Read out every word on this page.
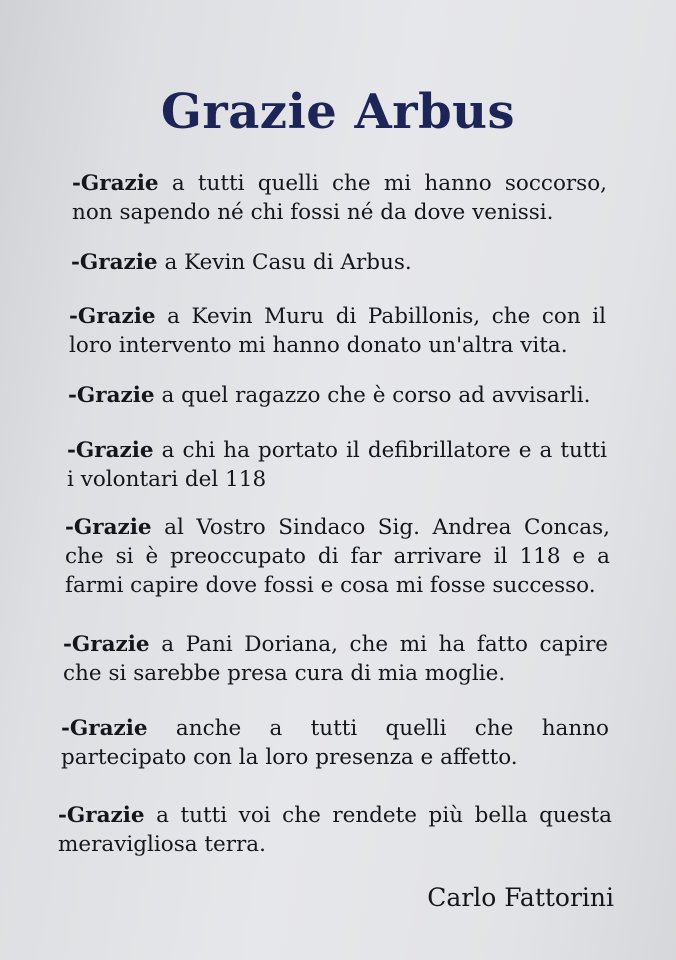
Grazie Arbus

-Grazie a tutti quelli che mi hanno soccorso, non sapendo né chi fossi né da dove venissi.

-Grazie a Kevin Casu di Arbus.

-Grazie a Kevin Muru di Pabillonis, che con il loro intervento mi hanno donato un'altra vita.

-Grazie a quel ragazzo che è corso ad avvisarli.

-Grazie a chi ha portato il defibrillatore e a tutti i volontari del 118

-Grazie al Vostro Sindaco Sig. Andrea Concas, che si è preoccupato di far arrivare il 118 e a farmi capire dove fossi e cosa mi fosse successo.

-Grazie a Pani Doriana, che mi ha fatto capire che si sarebbe presa cura di mia moglie.

-Grazie anche a tutti quelli che hanno partecipato con la loro presenza e affetto.

-Grazie a tutti voi che rendete più bella questa meravigliosa terra.

Carlo Fattorini
